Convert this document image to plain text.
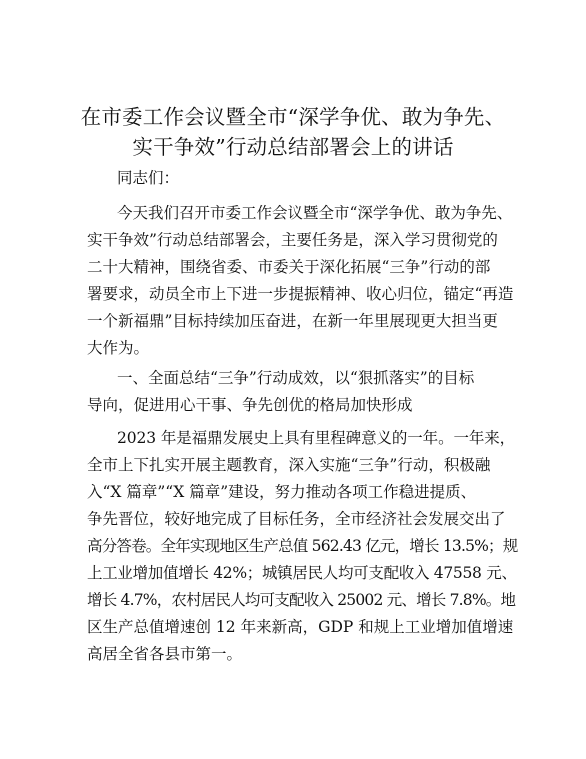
在市委工作会议暨全市“深学争优、敢为争先、
实干争效”行动总结部署会上的讲话

同志们：

今天我们召开市委工作会议暨全市“深学争优、敢为争先、
实干争效”行动总结部署会，主要任务是，深入学习贯彻党的
二十大精神，围绕省委、市委关于深化拓展“三争”行动的部
署要求，动员全市上下进一步提振精神、收心归位，锚定“再造
一个新福鼎”目标持续加压奋进，在新一年里展现更大担当更
大作为。
一、全面总结“三争”行动成效，以“狠抓落实”的目标
导向，促进用心干事、争先创优的格局加快形成
2023 年是福鼎发展史上具有里程碑意义的一年。一年来，
全市上下扎实开展主题教育，深入实施“三争”行动，积极融
入“X 篇章”“X 篇章”建设，努力推动各项工作稳进提质、
争先晋位，较好地完成了目标任务，全市经济社会发展交出了
高分答卷。全年实现地区生产总值 562.43 亿元，增长 13.5%；规
上工业增加值增长 42%；城镇居民人均可支配收入 47558 元、
增长 4.7%，农村居民人均可支配收入 25002 元、增长 7.8%。地
区生产总值增速创 12 年来新高，GDP 和规上工业增加值增速
高居全省各县市第一。
